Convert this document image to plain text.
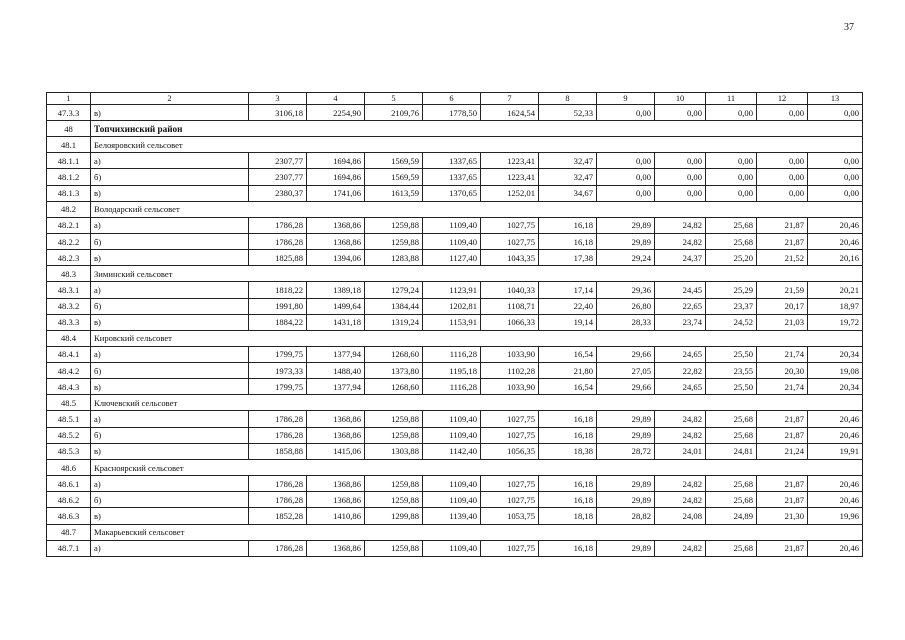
37
1	2	3	4	5	6	7	8	9	10	11	12	13
47.3.3	в)	3106,18	2254,90	2109,76	1778,50	1624,54	52,33	0,00	0,00	0,00	0,00	0,00
48	Топчихинский район											
48.1	Белояровский сельсовет											
48.1.1	а)	2307,77	1694,86	1569,59	1337,65	1223,41	32,47	0,00	0,00	0,00	0,00	0,00
48.1.2	б)	2307,77	1694,86	1569,59	1337,65	1223,41	32,47	0,00	0,00	0,00	0,00	0,00
48.1.3	в)	2380,37	1741,06	1613,59	1370,65	1252,01	34,67	0,00	0,00	0,00	0,00	0,00
48.2	Володарский сельсовет											
48.2.1	а)	1786,28	1368,86	1259,88	1109,40	1027,75	16,18	29,89	24,82	25,68	21,87	20,46
48.2.2	б)	1786,28	1368,86	1259,88	1109,40	1027,75	16,18	29,89	24,82	25,68	21,87	20,46
48.2.3	в)	1825,88	1394,06	1283,88	1127,40	1043,35	17,38	29,24	24,37	25,20	21,52	20,16
48.3	Зиминский сельсовет											
48.3.1	а)	1818,22	1389,18	1279,24	1123,91	1040,33	17,14	29,36	24,45	25,29	21,59	20,21
48.3.2	б)	1991,80	1499,64	1384,44	1202,81	1108,71	22,40	26,80	22,65	23,37	20,17	18,97
48.3.3	в)	1884,22	1431,18	1319,24	1153,91	1066,33	19,14	28,33	23,74	24,52	21,03	19,72
48.4	Кировский сельсовет											
48.4.1	а)	1799,75	1377,94	1268,60	1116,28	1033,90	16,54	29,66	24,65	25,50	21,74	20,34
48.4.2	б)	1973,33	1488,40	1373,80	1195,18	1102,28	21,80	27,05	22,82	23,55	20,30	19,08
48.4.3	в)	1799,75	1377,94	1268,60	1116,28	1033,90	16,54	29,66	24,65	25,50	21,74	20,34
48.5	Ключевский сельсовет											
48.5.1	а)	1786,28	1368,86	1259,88	1109,40	1027,75	16,18	29,89	24,82	25,68	21,87	20,46
48.5.2	б)	1786,28	1368,86	1259,88	1109,40	1027,75	16,18	29,89	24,82	25,68	21,87	20,46
48.5.3	в)	1858,88	1415,06	1303,88	1142,40	1056,35	18,38	28,72	24,01	24,81	21,24	19,91
48.6	Красноярский сельсовет											
48.6.1	а)	1786,28	1368,86	1259,88	1109,40	1027,75	16,18	29,89	24,82	25,68	21,87	20,46
48.6.2	б)	1786,28	1368,86	1259,88	1109,40	1027,75	16,18	29,89	24,82	25,68	21,87	20,46
48.6.3	в)	1852,28	1410,86	1299,88	1139,40	1053,75	18,18	28,82	24,08	24,89	21,30	19,96
48.7	Макарьевский сельсовет											
48.7.1	а)	1786,28	1368,86	1259,88	1109,40	1027,75	16,18	29,89	24,82	25,68	21,87	20,46
